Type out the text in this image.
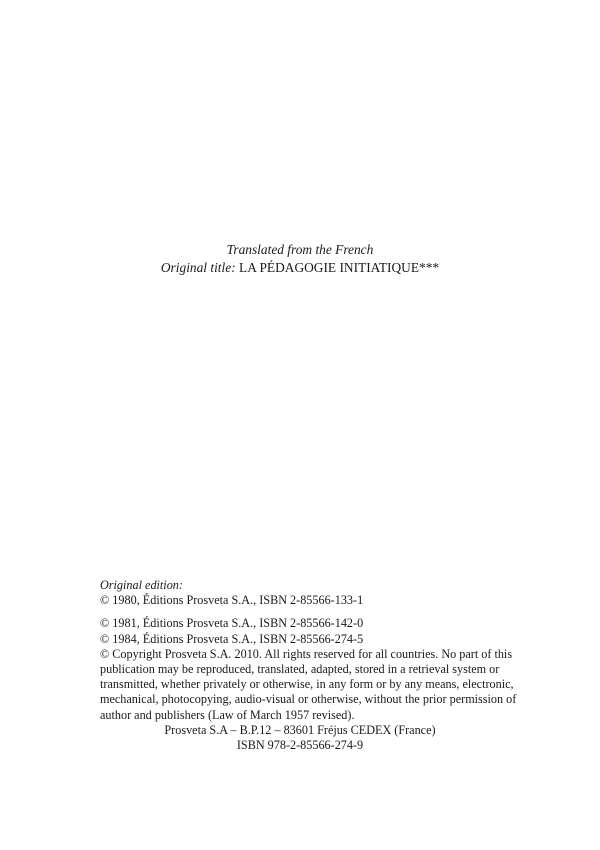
Translated from the French
Original title: LA PÉDAGOGIE INITIATIQUE***
Original edition:
© 1980, Éditions Prosveta S.A., ISBN 2-85566-133-1
© 1981, Éditions Prosveta S.A., ISBN 2-85566-142-0
© 1984, Éditions Prosveta S.A., ISBN 2-85566-274-5
© Copyright Prosveta S.A. 2010. All rights reserved for all countries. No part of this
publication may be reproduced, translated, adapted, stored in a retrieval system or
transmitted, whether privately or otherwise, in any form or by any means, electronic,
mechanical, photocopying, audio-visual or otherwise, without the prior permission of
author and publishers (Law of March 1957 revised).
Prosveta S.A – B.P.12 – 83601 Fréjus CEDEX (France)
ISBN 978-2-85566-274-9
